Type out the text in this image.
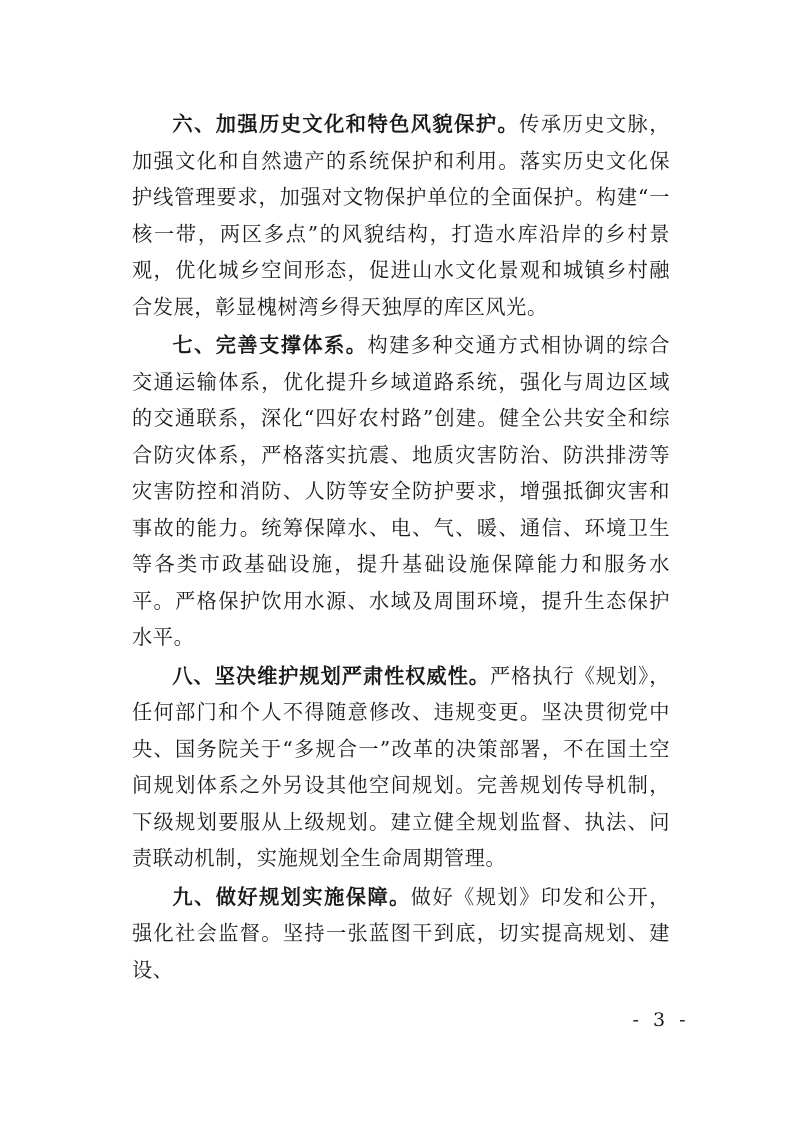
六、加强历史文化和特色风貌保护。传承历史文脉，加强文化和自然遗产的系统保护和利用。落实历史文化保护线管理要求，加强对文物保护单位的全面保护。构建“一核一带，两区多点”的风貌结构，打造水库沿岸的乡村景观，优化城乡空间形态，促进山水文化景观和城镇乡村融合发展，彰显槐树湾乡得天独厚的库区风光。

七、完善支撑体系。构建多种交通方式相协调的综合交通运输体系，优化提升乡域道路系统，强化与周边区域的交通联系，深化“四好农村路”创建。健全公共安全和综合防灾体系，严格落实抗震、地质灾害防治、防洪排涝等灾害防控和消防、人防等安全防护要求，增强抵御灾害和事故的能力。统筹保障水、电、气、暖、通信、环境卫生等各类市政基础设施，提升基础设施保障能力和服务水平。严格保护饮用水源、水域及周围环境，提升生态保护水平。

八、坚决维护规划严肃性权威性。严格执行《规划》，任何部门和个人不得随意修改、违规变更。坚决贯彻党中央、国务院关于“多规合一”改革的决策部署，不在国土空间规划体系之外另设其他空间规划。完善规划传导机制，下级规划要服从上级规划。建立健全规划监督、执法、问责联动机制，实施规划全生命周期管理。

九、做好规划实施保障。做好《规划》印发和公开，强化社会监督。坚持一张蓝图干到底，切实提高规划、建设、

- 3 -
